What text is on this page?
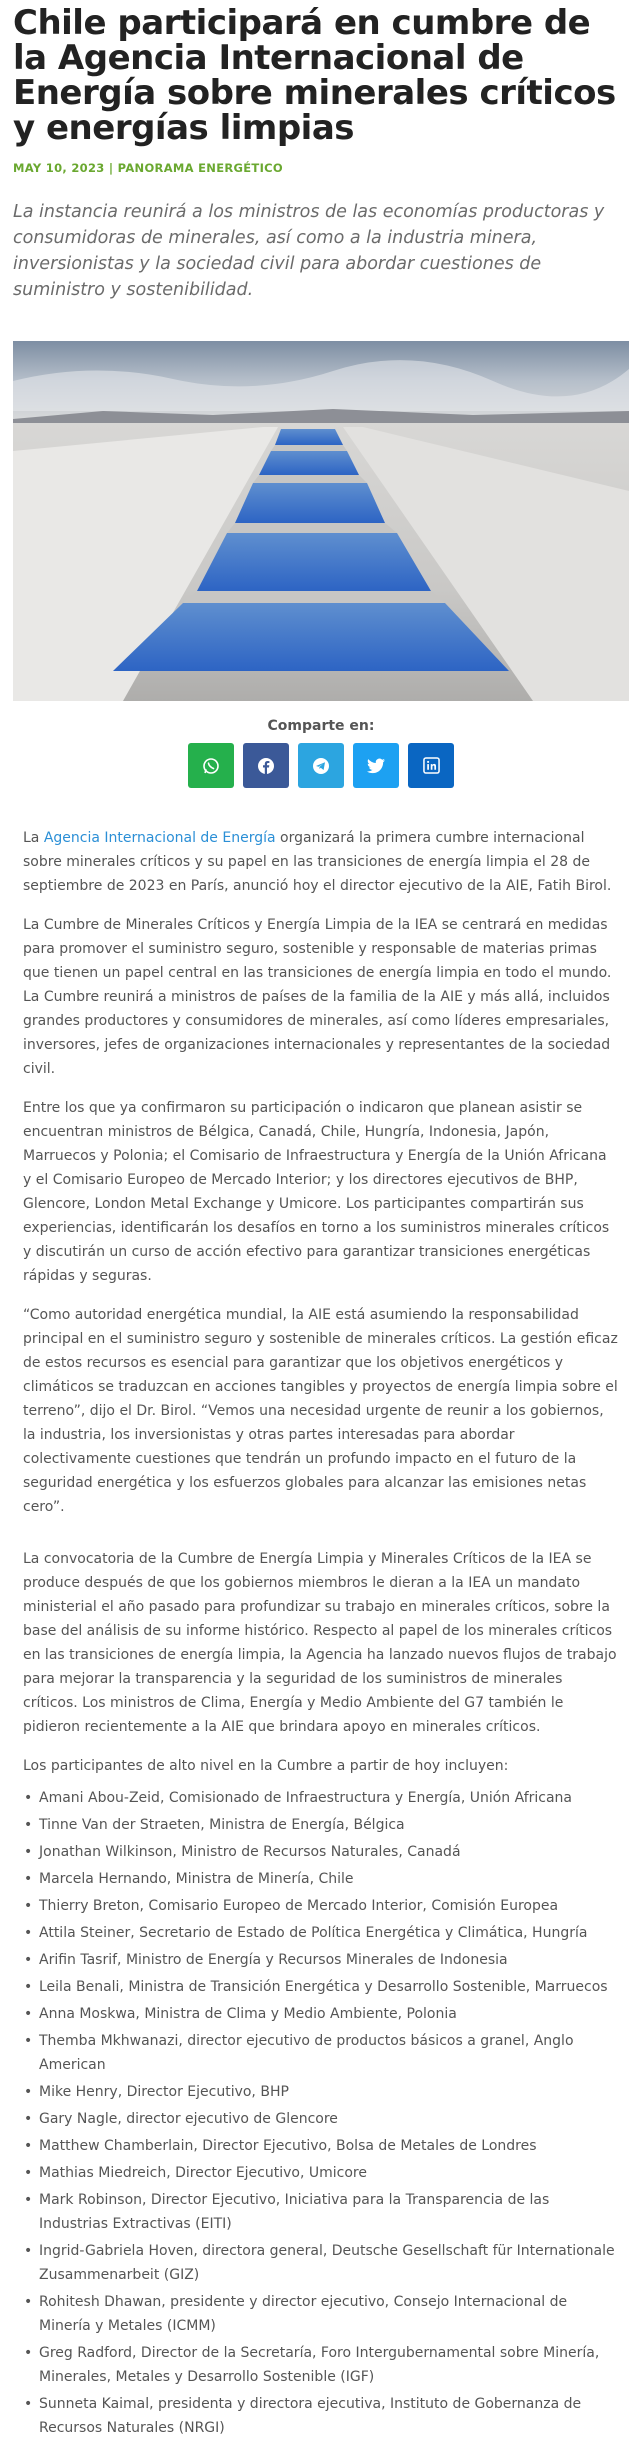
Chile participará en cumbre de la Agencia Internacional de Energía sobre minerales críticos y energías limpias
MAY 10, 2023 | PANORAMA ENERGÉTICO
La instancia reunirá a los ministros de las economías productoras y consumidoras de minerales, así como a la industria minera, inversionistas y la sociedad civil para abordar cuestiones de suministro y sostenibilidad.
Comparte en:

La Agencia Internacional de Energía organizará la primera cumbre internacional sobre minerales críticos y su papel en las transiciones de energía limpia el 28 de septiembre de 2023 en París, anunció hoy el director ejecutivo de la AIE, Fatih Birol.

La Cumbre de Minerales Críticos y Energía Limpia de la IEA se centrará en medidas para promover el suministro seguro, sostenible y responsable de materias primas que tienen un papel central en las transiciones de energía limpia en todo el mundo. La Cumbre reunirá a ministros de países de la familia de la AIE y más allá, incluidos grandes productores y consumidores de minerales, así como líderes empresariales, inversores, jefes de organizaciones internacionales y representantes de la sociedad civil.

Entre los que ya confirmaron su participación o indicaron que planean asistir se encuentran ministros de Bélgica, Canadá, Chile, Hungría, Indonesia, Japón, Marruecos y Polonia; el Comisario de Infraestructura y Energía de la Unión Africana y el Comisario Europeo de Mercado Interior; y los directores ejecutivos de BHP, Glencore, London Metal Exchange y Umicore. Los participantes compartirán sus experiencias, identificarán los desafíos en torno a los suministros minerales críticos y discutirán un curso de acción efectivo para garantizar transiciones energéticas rápidas y seguras.

“Como autoridad energética mundial, la AIE está asumiendo la responsabilidad principal en el suministro seguro y sostenible de minerales críticos. La gestión eficaz de estos recursos es esencial para garantizar que los objetivos energéticos y climáticos se traduzcan en acciones tangibles y proyectos de energía limpia sobre el terreno”, dijo el Dr. Birol. “Vemos una necesidad urgente de reunir a los gobiernos, la industria, los inversionistas y otras partes interesadas para abordar colectivamente cuestiones que tendrán un profundo impacto en el futuro de la seguridad energética y los esfuerzos globales para alcanzar las emisiones netas cero”.

La convocatoria de la Cumbre de Energía Limpia y Minerales Críticos de la IEA se produce después de que los gobiernos miembros le dieran a la IEA un mandato ministerial el año pasado para profundizar su trabajo en minerales críticos, sobre la base del análisis de su informe histórico. Respecto al papel de los minerales críticos en las transiciones de energía limpia, la Agencia ha lanzado nuevos flujos de trabajo para mejorar la transparencia y la seguridad de los suministros de minerales críticos. Los ministros de Clima, Energía y Medio Ambiente del G7 también le pidieron recientemente a la AIE que brindara apoyo en minerales críticos.

Los participantes de alto nivel en la Cumbre a partir de hoy incluyen:

• Amani Abou-Zeid, Comisionado de Infraestructura y Energía, Unión Africana
• Tinne Van der Straeten, Ministra de Energía, Bélgica
• Jonathan Wilkinson, Ministro de Recursos Naturales, Canadá
• Marcela Hernando, Ministra de Minería, Chile
• Thierry Breton, Comisario Europeo de Mercado Interior, Comisión Europea
• Attila Steiner, Secretario de Estado de Política Energética y Climática, Hungría
• Arifin Tasrif, Ministro de Energía y Recursos Minerales de Indonesia
• Leila Benali, Ministra de Transición Energética y Desarrollo Sostenible, Marruecos
• Anna Moskwa, Ministra de Clima y Medio Ambiente, Polonia
• Themba Mkhwanazi, director ejecutivo de productos básicos a granel, Anglo American
• Mike Henry, Director Ejecutivo, BHP
• Gary Nagle, director ejecutivo de Glencore
• Matthew Chamberlain, Director Ejecutivo, Bolsa de Metales de Londres
• Mathias Miedreich, Director Ejecutivo, Umicore
• Mark Robinson, Director Ejecutivo, Iniciativa para la Transparencia de las Industrias Extractivas (EITI)
• Ingrid-Gabriela Hoven, directora general, Deutsche Gesellschaft für Internationale Zusammenarbeit (GIZ)
• Rohitesh Dhawan, presidente y director ejecutivo, Consejo Internacional de Minería y Metales (ICMM)
• Greg Radford, Director de la Secretaría, Foro Intergubernamental sobre Minería, Minerales, Metales y Desarrollo Sostenible (IGF)
• Sunneta Kaimal, presidenta y directora ejecutiva, Instituto de Gobernanza de Recursos Naturales (NRGI)
